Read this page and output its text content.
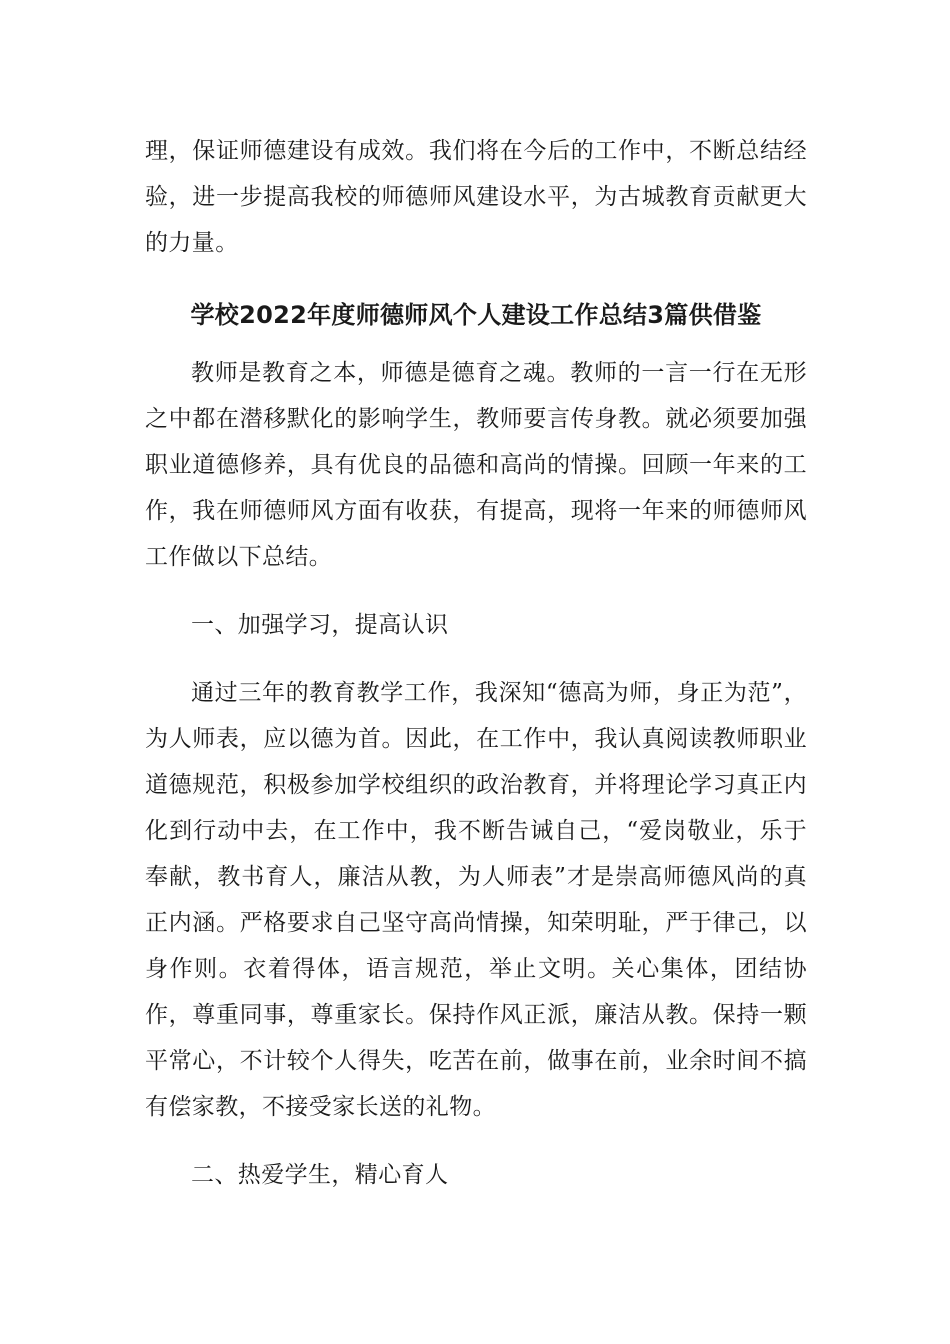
理，保证师德建设有成效。我们将在今后的工作中，不断总结经验，进一步提高我校的师德师风建设水平，为古城教育贡献更大的力量。

学校2022年度师德师风个人建设工作总结3篇供借鉴

教师是教育之本，师德是德育之魂。教师的一言一行在无形之中都在潜移默化的影响学生，教师要言传身教。就必须要加强职业道德修养，具有优良的品德和高尚的情操。回顾一年来的工作，我在师德师风方面有收获，有提高，现将一年来的师德师风工作做以下总结。

一、加强学习，提高认识

通过三年的教育教学工作，我深知“德高为师，身正为范”，为人师表，应以德为首。因此，在工作中，我认真阅读教师职业道德规范，积极参加学校组织的政治教育，并将理论学习真正内化到行动中去，在工作中，我不断告诫自己，“爱岗敬业，乐于奉献，教书育人，廉洁从教，为人师表”才是崇高师德风尚的真正内涵。严格要求自己坚守高尚情操，知荣明耻，严于律己，以身作则。衣着得体，语言规范，举止文明。关心集体，团结协作，尊重同事，尊重家长。保持作风正派，廉洁从教。保持一颗平常心，不计较个人得失，吃苦在前，做事在前，业余时间不搞有偿家教，不接受家长送的礼物。

二、热爱学生，精心育人
